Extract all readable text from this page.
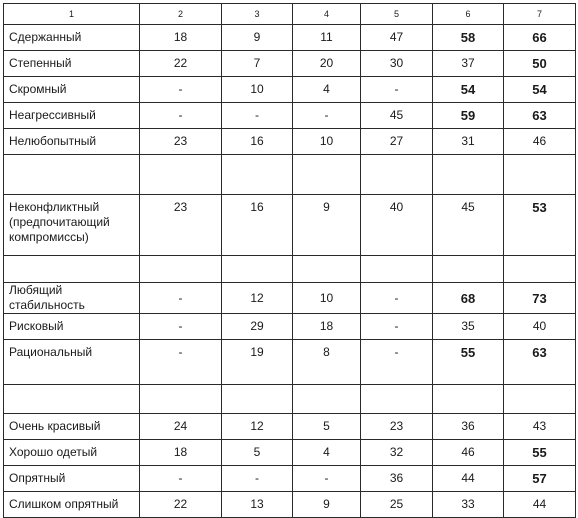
1	2	3	4	5	6	7
Сдержанный	18	9	11	47	58	66
Степенный	22	7	20	30	37	50
Скромный	-	10	4	-	54	54
Неагрессивный	-	-	-	45	59	63
Нелюбопытный	23	16	10	27	31	46

Неконфликтный
(предпочитающий
компромиссы)	23	16	9	40	45	53

Любящий стабильность	-	12	10	-	68	73
Рисковый	-	29	18	-	35	40
Рациональный	-	19	8	-	55	63

Очень красивый	24	12	5	23	36	43
Хорошо одетый	18	5	4	32	46	55
Опрятный	-	-	-	36	44	57
Слишком опрятный	22	13	9	25	33	44
